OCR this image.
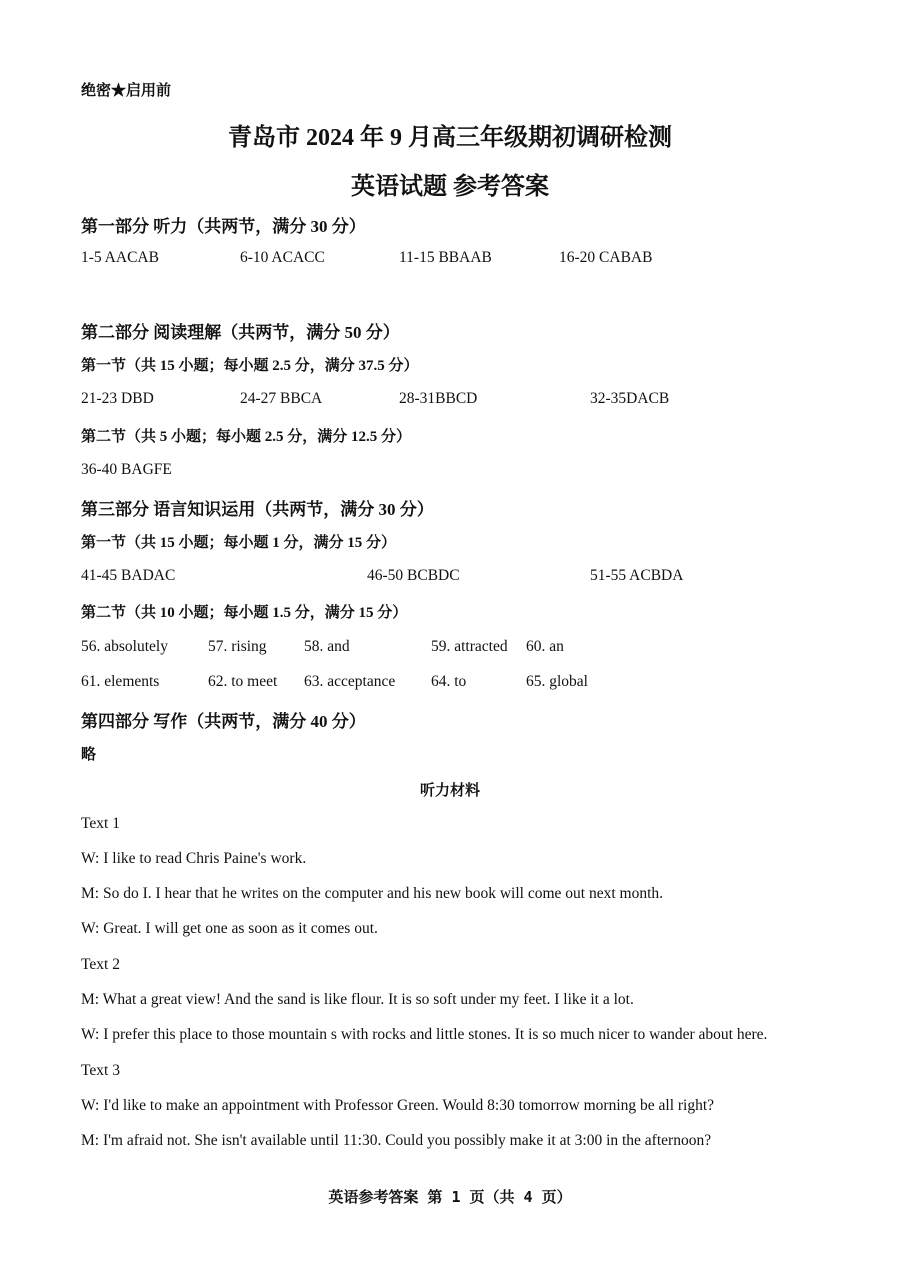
绝密★启用前
青岛市 2024 年 9 月高三年级期初调研检测
英语试题 参考答案
第一部分 听力（共两节，满分 30 分）
1-5 AACAB	6-10 ACACC	11-15 BBAAB	16-20 CABAB
第二部分 阅读理解（共两节，满分 50 分）
第一节（共 15 小题；每小题 2.5 分，满分 37.5 分）
21-23 DBD	24-27 BBCA	28-31BBCD	32-35DACB
第二节（共 5 小题；每小题 2.5 分，满分 12.5 分）
36-40 BAGFE
第三部分 语言知识运用（共两节，满分 30 分）
第一节（共 15 小题；每小题 1 分，满分 15 分）
41-45 BADAC	46-50 BCBDC	51-55 ACBDA
第二节（共 10 小题；每小题 1.5 分，满分 15 分）
56. absolutely	57. rising 58. and	59. attracted 60. an
61. elements	62. to meet 63. acceptance 64. to	65. global
第四部分 写作（共两节，满分 40 分）
略
听力材料
Text 1
W: I like to read Chris Paine's work.
M: So do I. I hear that he writes on the computer and his new book will come out next month.
W: Great. I will get one as soon as it comes out.
Text 2
M: What a great view! And the sand is like flour. It is so soft under my feet. I like it a lot.
W: I prefer this place to those mountain s with rocks and little stones. It is so much nicer to wander about here.
Text 3
W: I'd like to make an appointment with Professor Green. Would 8:30 tomorrow morning be all right?
M: I'm afraid not. She isn't available until 11:30. Could you possibly make it at 3:00 in the afternoon?
英语参考答案 第 1 页（共 4 页）
